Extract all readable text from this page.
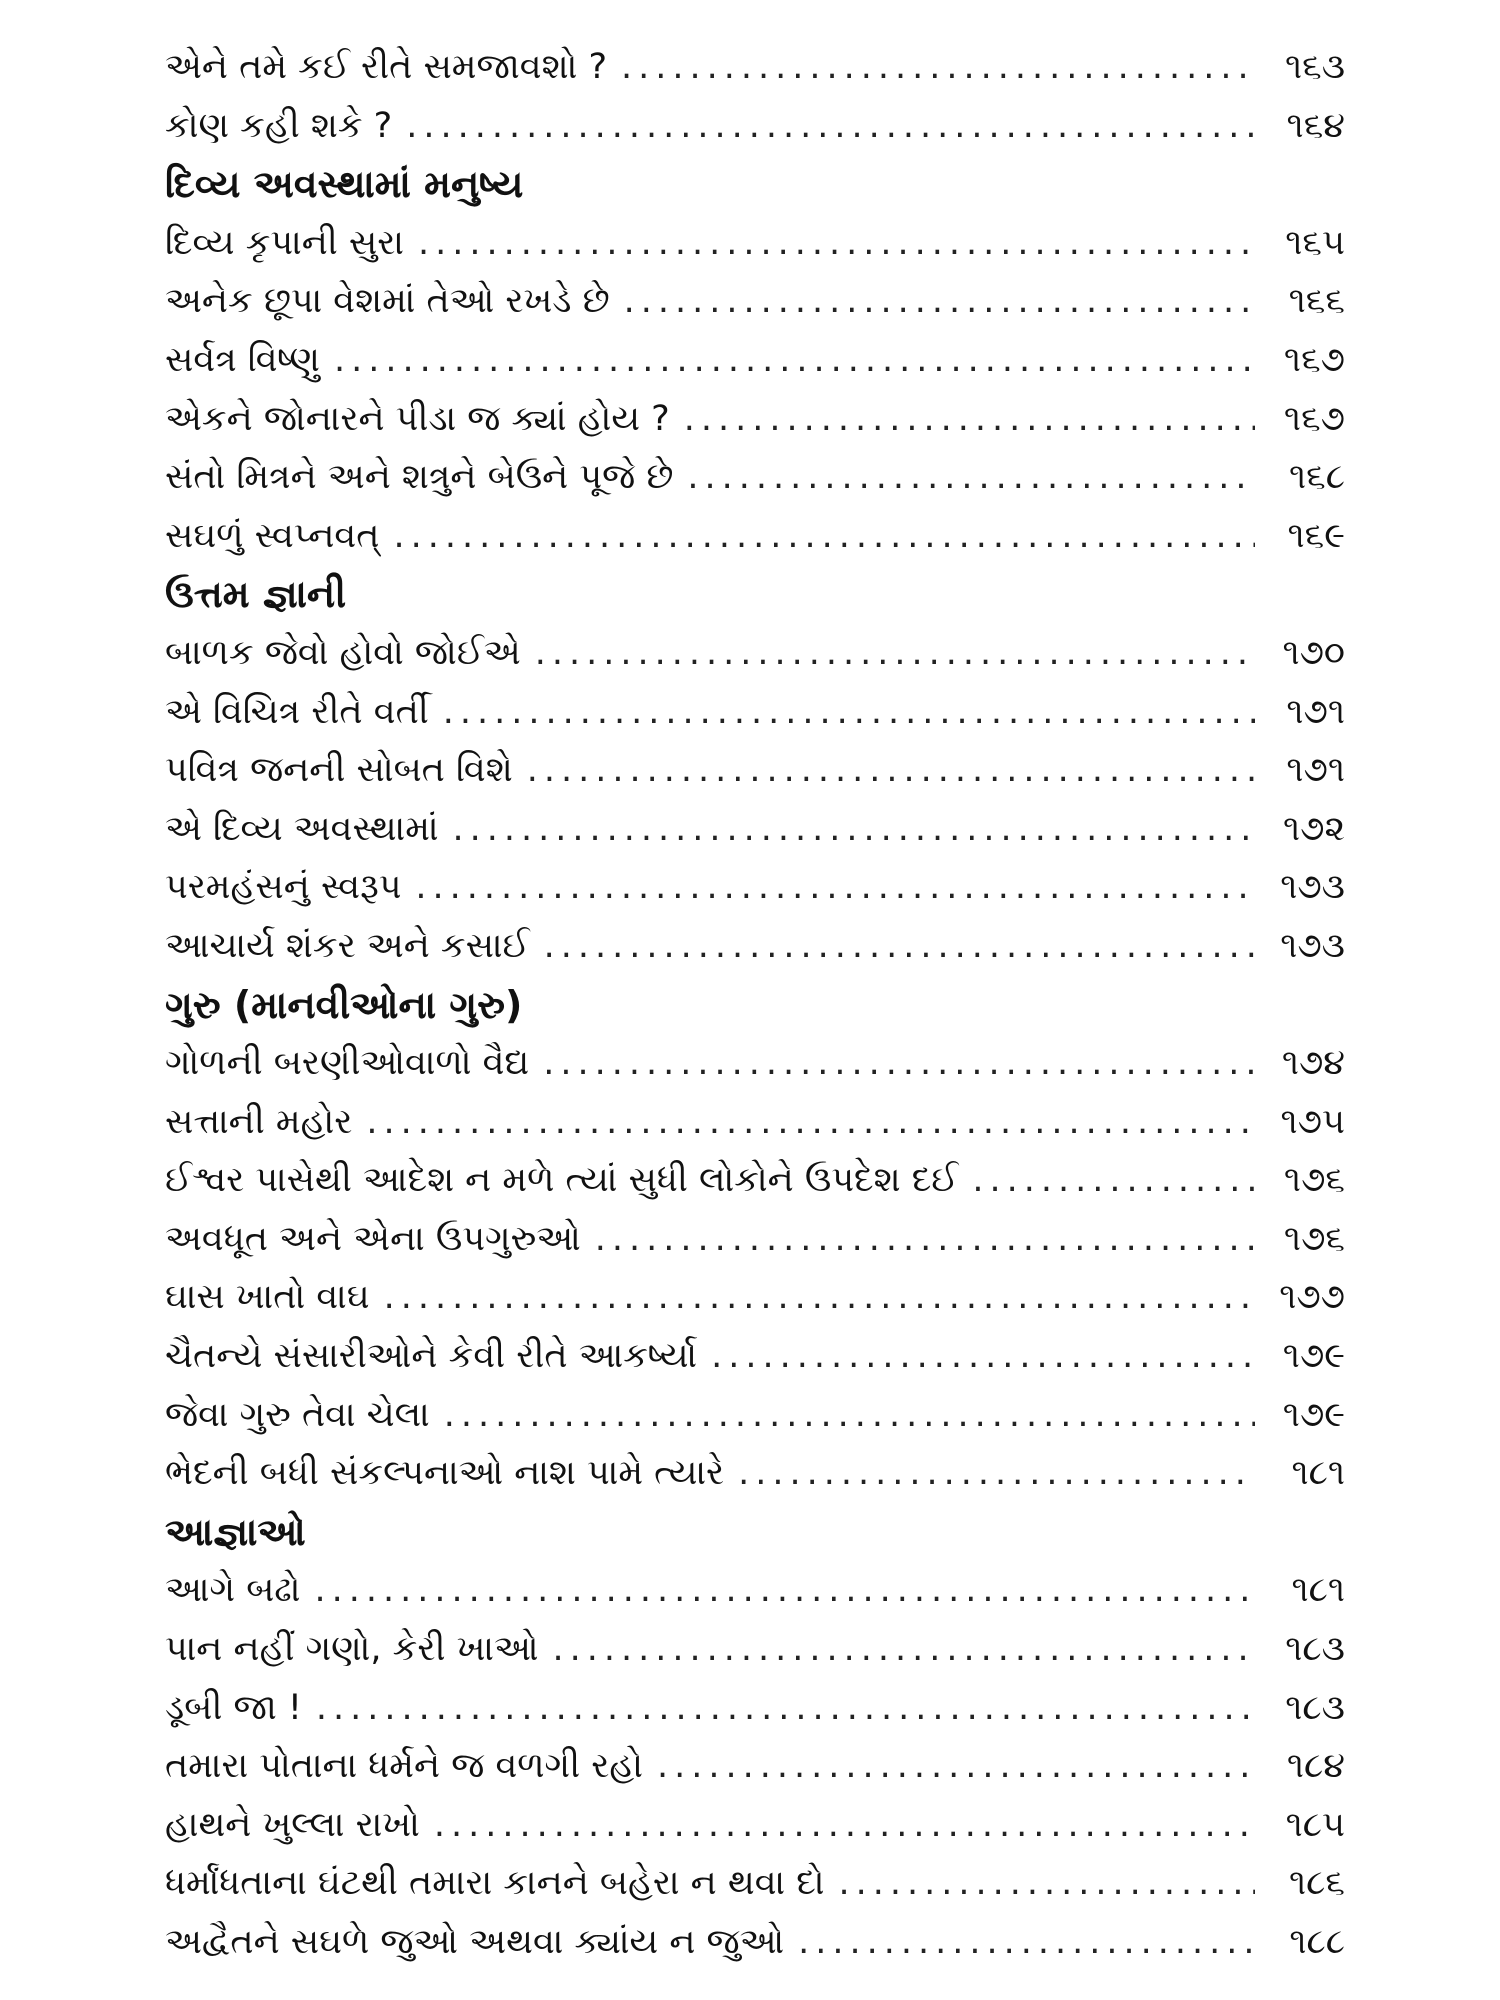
એને તમે કઈ રીતે સમજાવશો ? .....	૧૬૩
કોણ કહી શકે ? .....	૧૬૪
દિવ્ય અવસ્થામાં મનુષ્ય
દિવ્ય કૃપાની સુરા .....	૧૬૫
અનેક છૂપા વેશમાં તેઓ રખડે છે .....	૧૬૬
સર્વત્ર વિષ્ણુ .....	૧૬૭
એકને જોનારને પીડા જ ક્યાં હોય ? .....	૧૬૭
સંતો મિત્રને અને શત્રુને બેઉને પૂજે છે .....	૧૬૮
સઘળું સ્વપ્નવત્ .....	૧૬૯
ઉત્તમ જ્ઞાની
બાળક જેવો હોવો જોઈએ .....	૧૭૦
એ વિચિત્ર રીતે વર્તી .....	૧૭૧
પવિત્ર જનની સોબત વિશે .....	૧૭૧
એ દિવ્ય અવસ્થામાં .....	૧૭૨
પરમહંસનું સ્વરૂપ .....	૧૭૩
આચાર્ય શંકર અને કસાઈ .....	૧૭૩
ગુરુ (માનવીઓના ગુરુ)
ગોળની બરણીઓવાળો વૈદ્ય .....	૧૭૪
સત્તાની મહોર .....	૧૭૫
ઈશ્વર પાસેથી આદેશ ન મળે ત્યાં સુધી લોકોને ઉપદેશ દઈ .....	૧૭૬
અવધૂત અને એના ઉપગુરુઓ .....	૧૭૬
ઘાસ ખાતો વાઘ .....	૧૭૭
ચૈતન્યે સંસારીઓને કેવી રીતે આકર્ષ્યા .....	૧૭૯
જેવા ગુરુ તેવા ચેલા .....	૧૭૯
ભેદની બધી સંકલ્પનાઓ નાશ પામે ત્યારે .....	૧૮૧
આજ્ઞાઓ
આગે બઢો .....	૧૮૧
પાન નહીં ગણો, કેરી ખાઓ .....	૧૮૩
ડૂબી જા ! .....	૧૮૩
તમારા પોતાના ધર્મને જ વળગી રહો .....	૧૮૪
હાથને ખુલ્લા રાખો .....	૧૮૫
ધર્માંધતાના ઘંટથી તમારા કાનને બહેરા ન થવા દો .....	૧૮૬
અદ્વૈતને સઘળે જુઓ અથવા ક્યાંય ન જુઓ .....	૧૮૮
